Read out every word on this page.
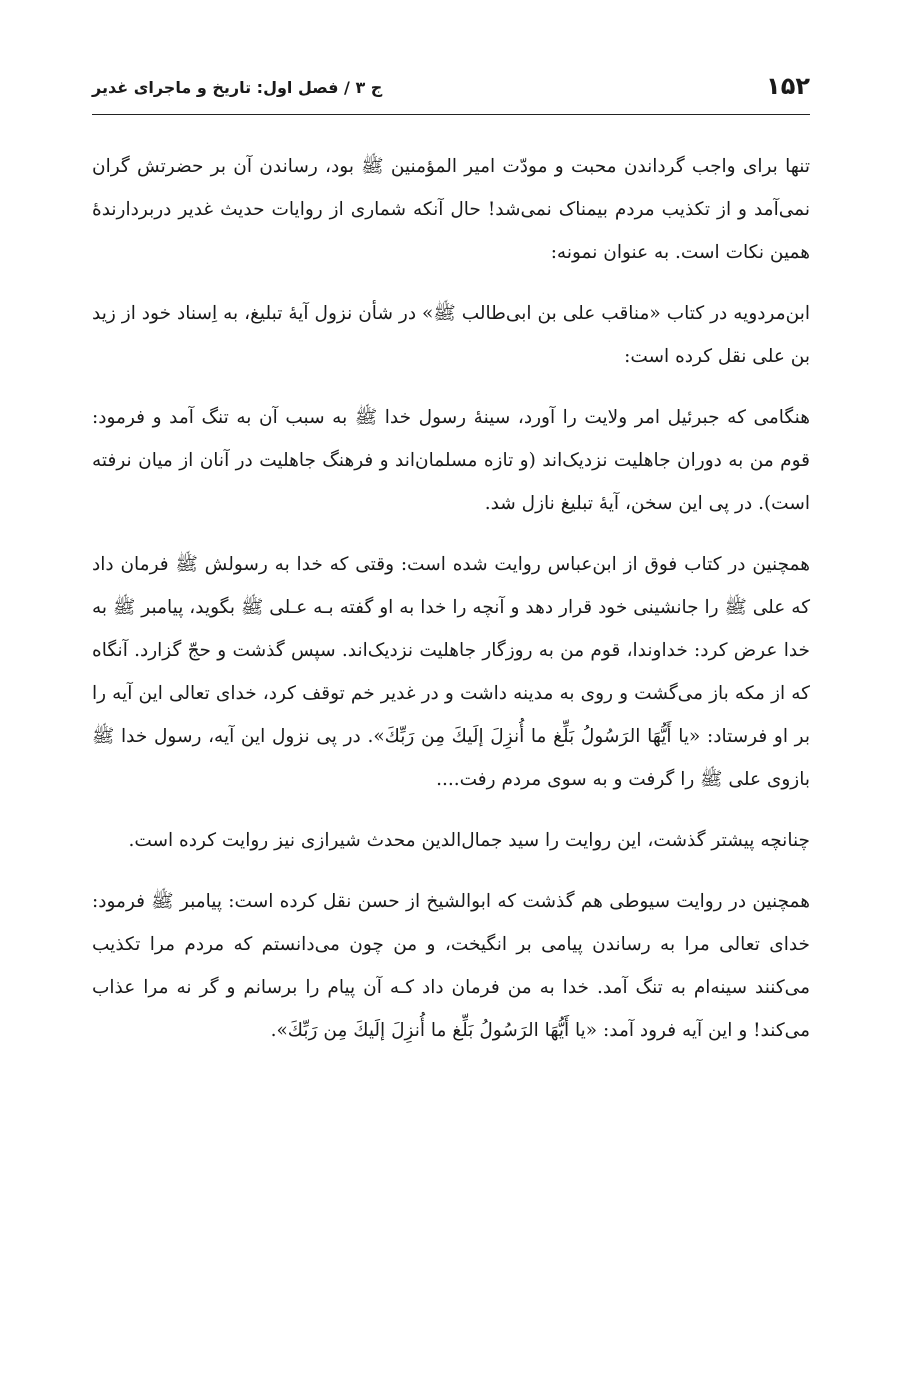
۱۵۲
ج ۳ / فصل اول: تاریخ و ماجرای غدیر

تنها برای واجب گرداندن محبت و مودّت امیر المؤمنین ﷺ بود، رساندن آن بر حضرتش گران نمی‌آمد و از تکذیب مردم بیمناک نمی‌شد! حال آنکه شماری از روایات حدیث غدیر دربردارندهٔ همین نکات است. به عنوان نمونه:

ابن‌مردویه در کتاب «مناقب علی بن ابی‌طالب ﷺ» در شأن نزول آیهٔ تبلیغ، به اِسناد خود از زید بن علی نقل کرده است:

هنگامی که جبرئیل امر ولایت را آورد، سینهٔ رسول خدا ﷺ به سبب آن به تنگ آمد و فرمود: قوم من به دوران جاهلیت نزدیک‌اند (و تازه مسلمان‌اند و فرهنگ جاهلیت در آنان از میان نرفته است). در پی این سخن، آیهٔ تبلیغ نازل شد.

همچنین در کتاب فوق از ابن‌عباس روایت شده است: وقتی که خدا به رسولش ﷺ فرمان داد که علی ﷺ را جانشینی خود قرار دهد و آنچه را خدا به او گفته بـه عـلی ﷺ بگوید، پیامبر ﷺ به خدا عرض کرد: خداوندا، قوم من به روزگار جاهلیت نزدیک‌اند. سپس گذشت و حجّ گزارد. آنگاه که از مکه باز می‌گشت و روی به مدینه داشت و در غدیر خم توقف کرد، خدای تعالی این آیه را بر او فرستاد: «يا أَيُّهَا الرَسُولُ بَلِّغ ما أُنزِلَ إلَيكَ مِن رَبِّكَ». در پی نزول این آیه، رسول خدا ﷺ بازوی علی ﷺ را گرفت و به سوی مردم رفت....

چنانچه پیشتر گذشت، این روایت را سید جمال‌الدین محدث شیرازی نیز روایت کرده است.

همچنین در روایت سیوطی هم گذشت که ابوالشیخ از حسن نقل کرده است: پیامبر ﷺ فرمود: خدای تعالی مرا به رساندن پیامی بر انگیخت، و من چون می‌دانستم که مردم مرا تکذیب می‌کنند سینه‌ام به تنگ آمد. خدا به من فرمان داد کـه آن پیام را برسانم و گر نه مرا عذاب می‌کند! و این آیه فرود آمد: «يا أَيُّهَا الرَسُولُ بَلِّغ ما أُنزِلَ إلَيكَ مِن رَبِّكَ».
